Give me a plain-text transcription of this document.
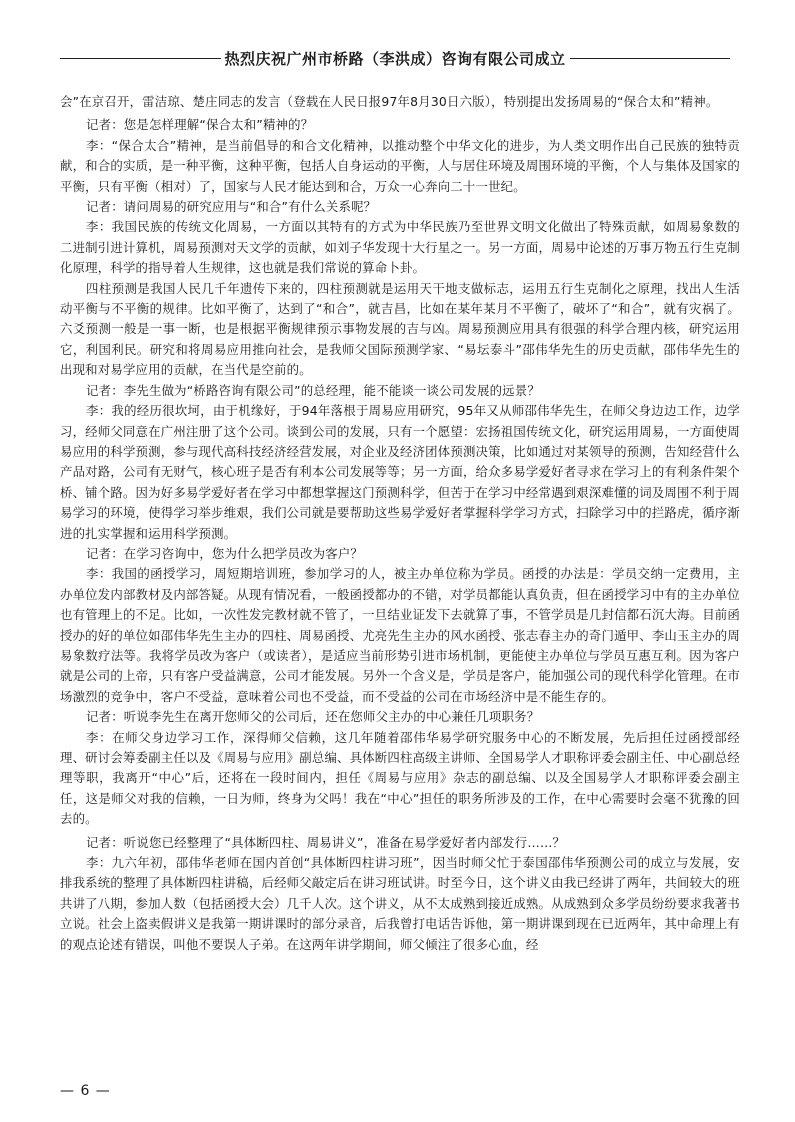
热烈庆祝广州市桥路（李洪成）咨询有限公司成立

会”在京召开，雷洁琼、楚庄同志的发言（登载在人民日报97年8月30日六版），特别提出发扬周易的“保合太和”精神。

记者：您是怎样理解“保合太和”精神的？

李：“保合太合”精神，是当前倡导的和合文化精神，以推动整个中华文化的进步，为人类文明作出自己民族的独特贡献，和合的实质，是一种平衡，这种平衡，包括人自身运动的平衡，人与居住环境及周围环境的平衡，个人与集体及国家的平衡，只有平衡（相对）了，国家与人民才能达到和合，万众一心奔向二十一世纪。

记者：请问周易的研究应用与“和合”有什么关系呢？

李：我国民族的传统文化周易，一方面以其特有的方式为中华民族乃至世界文明文化做出了特殊贡献，如周易象数的二进制引进计算机，周易预测对天文学的贡献，如刘子华发现十大行星之一。另一方面，周易中论述的万事万物五行生克制化原理，科学的指导着人生规律，这也就是我们常说的算命卜卦。

四柱预测是我国人民几千年遗传下来的，四柱预测就是运用天干地支做标志，运用五行生克制化之原理，找出人生活动平衡与不平衡的规律。比如平衡了，达到了“和合”，就吉昌，比如在某年某月不平衡了，破坏了“和合”，就有灾祸了。六爻预测一般是一事一断，也是根据平衡规律预示事物发展的吉与凶。周易预测应用具有很强的科学合理内核，研究运用它，利国利民。研究和将周易应用推向社会，是我师父国际预测学家、“易坛泰斗”邵伟华先生的历史贡献，邵伟华先生的出现和对易学应用的贡献，在当代是空前的。

记者：李先生做为“桥路咨询有限公司”的总经理，能不能谈一谈公司发展的远景？

李：我的经历很坎坷，由于机缘好，于94年落根于周易应用研究，95年又从师邵伟华先生，在师父身边边工作，边学习，经师父同意在广州注册了这个公司。谈到公司的发展，只有一个愿望：宏扬祖国传统文化，研究运用周易，一方面使周易应用的科学预测，参与现代高科技经济经营发展，对企业及经济团体预测决策，比如通过对某领导的预测，告知经营什么产品对路，公司有无财气，核心班子是否有利本公司发展等等；另一方面，给众多易学爱好者寻求在学习上的有利条件架个桥、铺个路。因为好多易学爱好者在学习中都想掌握这门预测科学，但苦于在学习中经常遇到艰深难懂的词及周围不利于周易学习的环境，使得学习举步维艰，我们公司就是要帮助这些易学爱好者掌握科学学习方式，扫除学习中的拦路虎，循序渐进的扎实掌握和运用科学预测。

记者：在学习咨询中，您为什么把学员改为客户？

李：我国的函授学习，周短期培训班，参加学习的人，被主办单位称为学员。函授的办法是：学员交纳一定费用，主办单位发内部教材及内部答疑。从现有情况看，一般函授都办的不错，对学员都能认真负责，但在函授学习中有的主办单位也有管理上的不足。比如，一次性发完教材就不管了，一旦结业证发下去就算了事，不管学员是几封信都石沉大海。目前函授办的好的单位如邵伟华先生主办的四柱、周易函授、尤亮先生主办的风水函授、张志春主办的奇门遁甲、李山玉主办的周易象数疗法等。我将学员改为客户（或读者），是适应当前形势引进市场机制，更能使主办单位与学员互惠互利。因为客户就是公司的上帝，只有客户受益满意，公司才能发展。另外一个含义是，学员是客户，能加强公司的现代科学化管理。在市场激烈的竞争中，客户不受益，意味着公司也不受益，而不受益的公司在市场经济中是不能生存的。

记者：听说李先生在离开您师父的公司后，还在您师父主办的中心兼任几项职务？

李：在师父身边学习工作，深得师父信赖，这几年随着邵伟华易学研究服务中心的不断发展，先后担任过函授部经理、研讨会筹委副主任以及《周易与应用》副总编、具体断四柱高级主讲师、全国易学人才职称评委会副主任、中心副总经理等职，我离开“中心”后，还将在一段时间内，担任《周易与应用》杂志的副总编、以及全国易学人才职称评委会副主任，这是师父对我的信赖，一日为师，终身为父吗！我在“中心”担任的职务所涉及的工作，在中心需要时会毫不犹豫的回去的。

记者：听说您已经整理了“具体断四柱、周易讲义”，准备在易学爱好者内部发行……？

李：九六年初，邵伟华老师在国内首创“具体断四柱讲习班”，因当时师父忙于泰国邵伟华预测公司的成立与发展，安排我系统的整理了具体断四柱讲稿，后经师父敲定后在讲习班试讲。时至今日，这个讲义由我已经讲了两年，共间较大的班共讲了八期，参加人数（包括函授大会）几千人次。这个讲义，从不太成熟到接近成熟。从成熟到众多学员纷纷要求我著书立说。社会上盗卖假讲义是我第一期讲课时的部分录音，后我曾打电话告诉他，第一期讲课到现在已近两年，其中命理上有的观点论述有错误，叫他不要误人子弟。在这两年讲学期间，师父倾注了很多心血，经

— 6 —
